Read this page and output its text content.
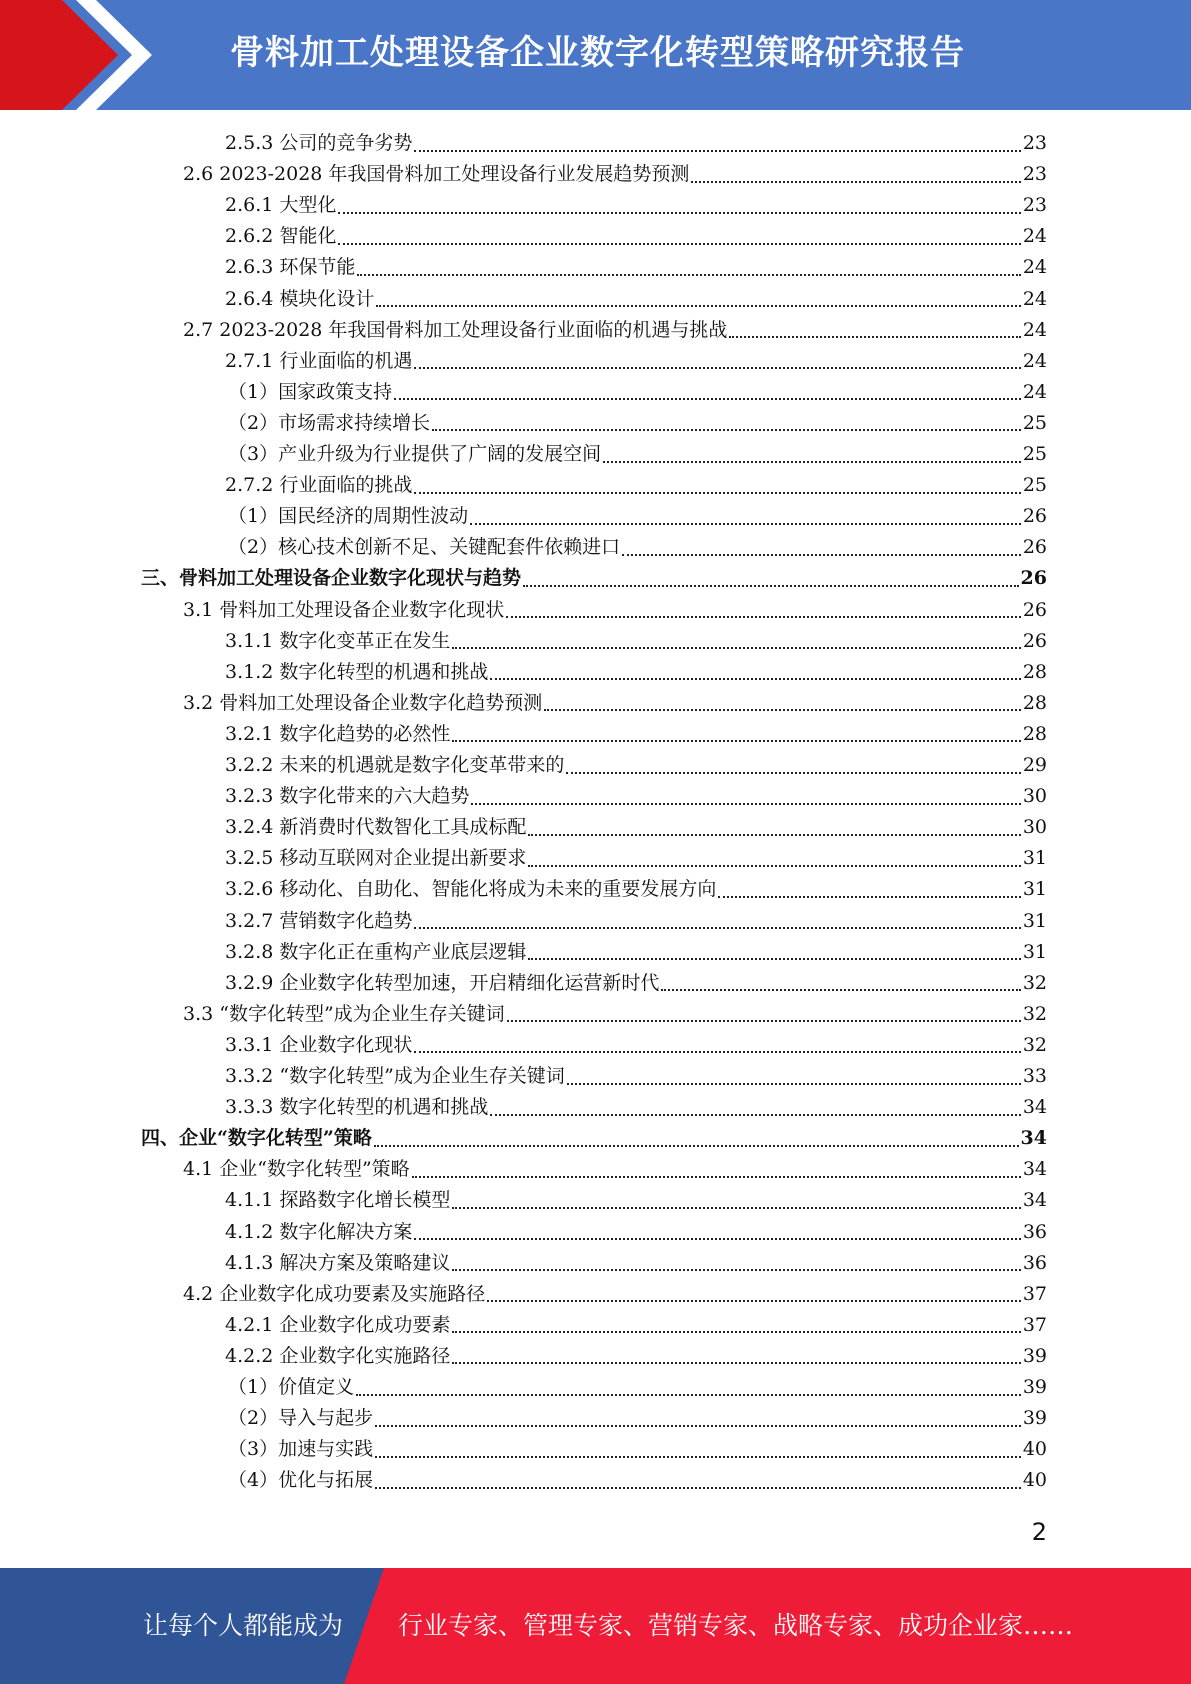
骨料加工处理设备企业数字化转型策略研究报告
2.5.3 公司的竞争劣势	23
2.6 2023-2028 年我国骨料加工处理设备行业发展趋势预测	23
2.6.1 大型化	23
2.6.2 智能化	24
2.6.3 环保节能	24
2.6.4 模块化设计	24
2.7 2023-2028 年我国骨料加工处理设备行业面临的机遇与挑战	24
2.7.1 行业面临的机遇	24
（1）国家政策支持	24
（2）市场需求持续增长	25
（3）产业升级为行业提供了广阔的发展空间	25
2.7.2 行业面临的挑战	25
（1）国民经济的周期性波动	26
（2）核心技术创新不足、关键配套件依赖进口	26
三、骨料加工处理设备企业数字化现状与趋势	26
3.1 骨料加工处理设备企业数字化现状	26
3.1.1 数字化变革正在发生	26
3.1.2 数字化转型的机遇和挑战	28
3.2 骨料加工处理设备企业数字化趋势预测	28
3.2.1 数字化趋势的必然性	28
3.2.2 未来的机遇就是数字化变革带来的	29
3.2.3 数字化带来的六大趋势	30
3.2.4 新消费时代数智化工具成标配	30
3.2.5 移动互联网对企业提出新要求	31
3.2.6 移动化、自助化、智能化将成为未来的重要发展方向	31
3.2.7 营销数字化趋势	31
3.2.8 数字化正在重构产业底层逻辑	31
3.2.9 企业数字化转型加速，开启精细化运营新时代	32
3.3 “数字化转型”成为企业生存关键词	32
3.3.1 企业数字化现状	32
3.3.2 “数字化转型”成为企业生存关键词	33
3.3.3 数字化转型的机遇和挑战	34
四、企业“数字化转型”策略	34
4.1 企业“数字化转型”策略	34
4.1.1 探路数字化增长模型	34
4.1.2 数字化解决方案	36
4.1.3 解决方案及策略建议	36
4.2 企业数字化成功要素及实施路径	37
4.2.1 企业数字化成功要素	37
4.2.2 企业数字化实施路径	39
（1）价值定义	39
（2）导入与起步	39
（3）加速与实践	40
（4）优化与拓展	40
2
让每个人都能成为 行业专家、管理专家、营销专家、战略专家、成功企业家……
